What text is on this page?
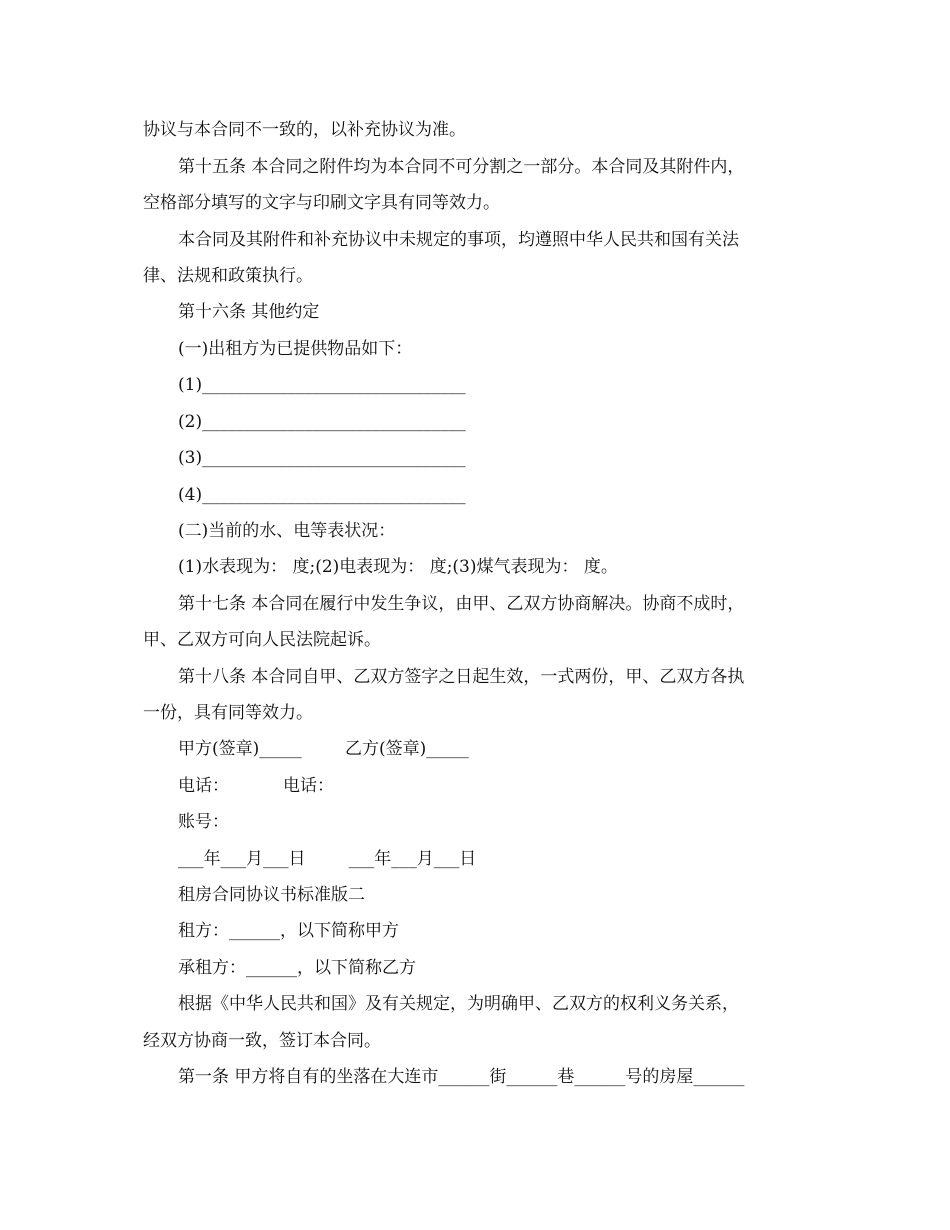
协议与本合同不一致的，以补充协议为准。
第十五条 本合同之附件均为本合同不可分割之一部分。本合同及其附件内，
空格部分填写的文字与印刷文字具有同等效力。
本合同及其附件和补充协议中未规定的事项，均遵照中华人民共和国有关法
律、法规和政策执行。
第十六条 其他约定
(一)出租方为已提供物品如下：
(1)_______________________________
(2)_______________________________
(3)_______________________________
(4)_______________________________
(二)当前的水、电等表状况：
(1)水表现为： 度;(2)电表现为： 度;(3)煤气表现为： 度。
第十七条 本合同在履行中发生争议，由甲、乙双方协商解决。协商不成时，
甲、乙双方可向人民法院起诉。
第十八条 本合同自甲、乙双方签字之日起生效，一式两份，甲、乙双方各执
一份，具有同等效力。
甲方(签章)_____        乙方(签章)_____
电话：          电话：
账号：
___年___月___日        ___年___月___日
租房合同协议书标准版二
租方：______，以下简称甲方
承租方：______，以下简称乙方
根据《中华人民共和国》及有关规定，为明确甲、乙双方的权利义务关系，
经双方协商一致，签订本合同。
第一条 甲方将自有的坐落在大连市______街______巷______号的房屋______
